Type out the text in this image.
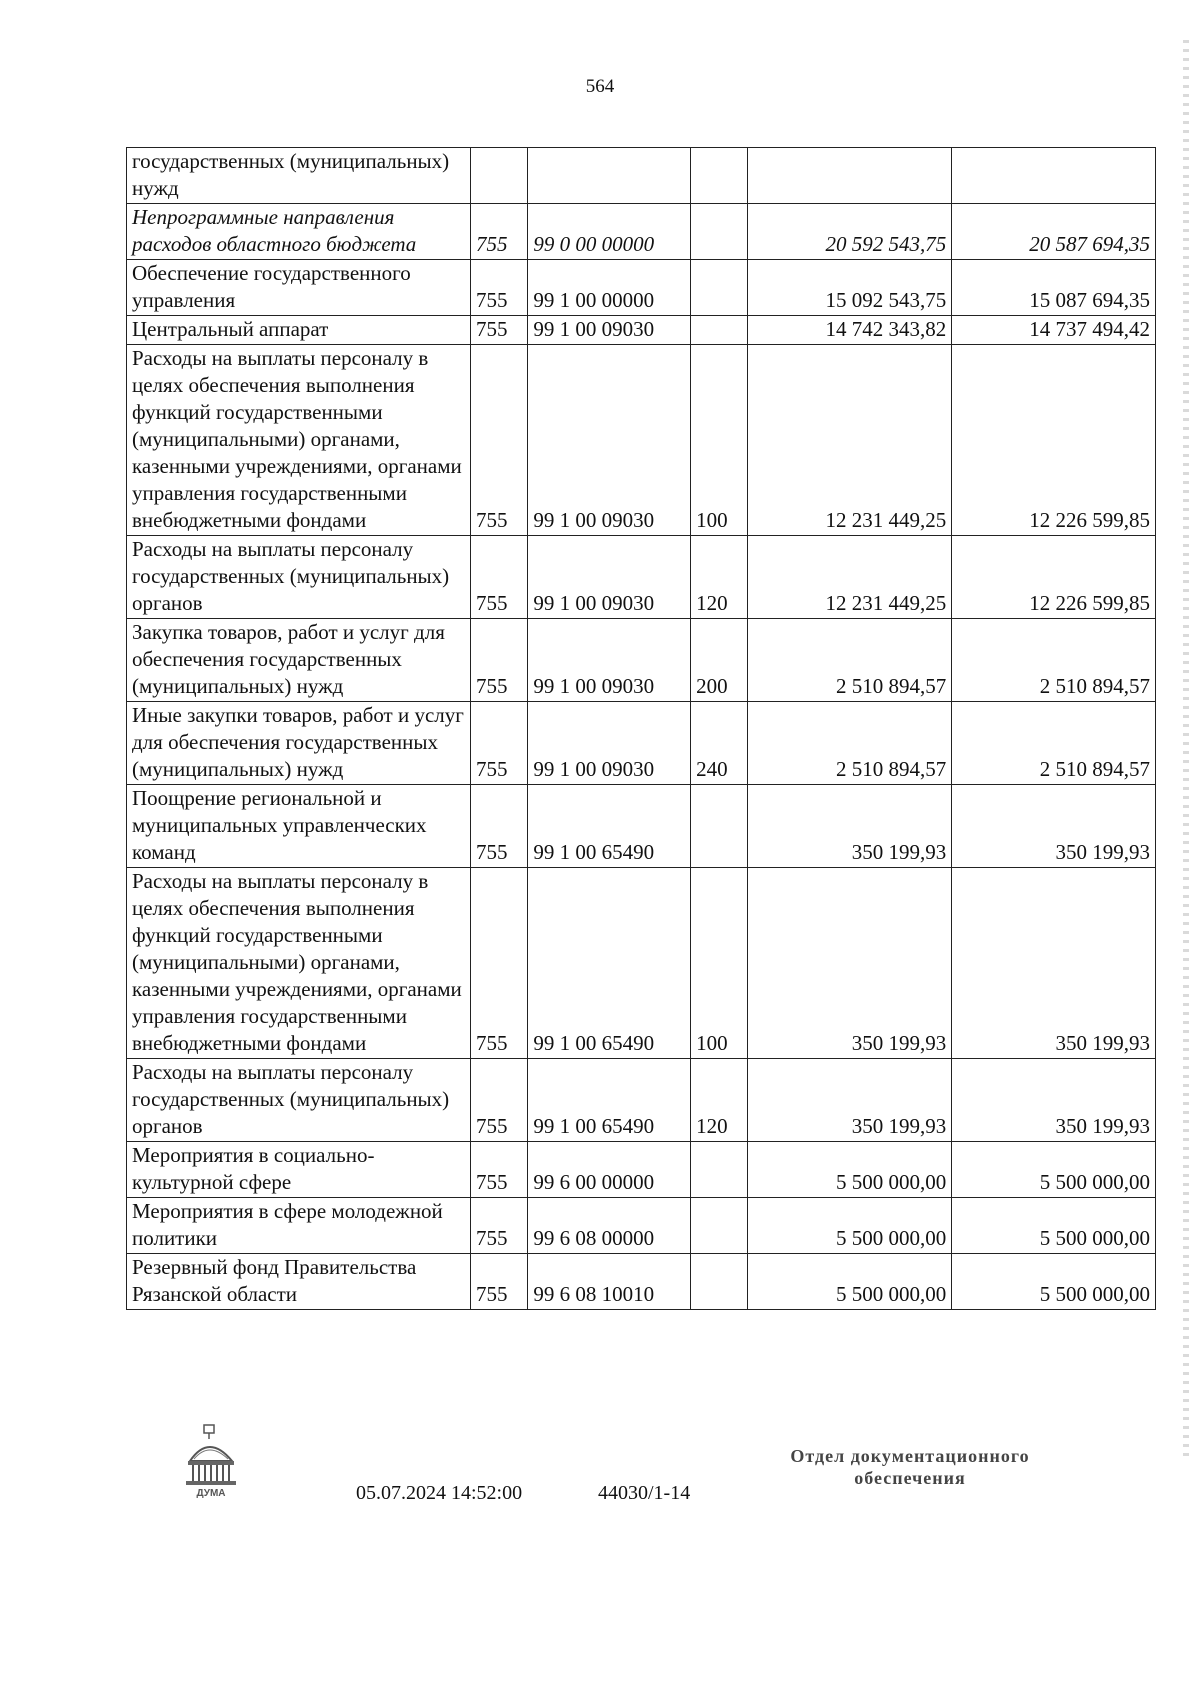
564
государственных (муниципальных) нужд					
Непрограммные направления расходов областного бюджета	755	99 0 00 00000		20 592 543,75	20 587 694,35
Обеспечение государственного управления	755	99 1 00 00000		15 092 543,75	15 087 694,35
Центральный аппарат	755	99 1 00 09030		14 742 343,82	14 737 494,42
Расходы на выплаты персоналу в целях обеспечения выполнения функций государственными (муниципальными) органами, казенными учреждениями, органами управления государственными внебюджетными фондами	755	99 1 00 09030	100	12 231 449,25	12 226 599,85
Расходы на выплаты персоналу государственных (муниципальных) органов	755	99 1 00 09030	120	12 231 449,25	12 226 599,85
Закупка товаров, работ и услуг для обеспечения государственных (муниципальных) нужд	755	99 1 00 09030	200	2 510 894,57	2 510 894,57
Иные закупки товаров, работ и услуг для обеспечения государственных (муниципальных) нужд	755	99 1 00 09030	240	2 510 894,57	2 510 894,57
Поощрение региональной и муниципальных управленческих команд	755	99 1 00 65490		350 199,93	350 199,93
Расходы на выплаты персоналу в целях обеспечения выполнения функций государственными (муниципальными) органами, казенными учреждениями, органами управления государственными внебюджетными фондами	755	99 1 00 65490	100	350 199,93	350 199,93
Расходы на выплаты персоналу государственных (муниципальных) органов	755	99 1 00 65490	120	350 199,93	350 199,93
Мероприятия в социально-культурной сфере	755	99 6 00 00000		5 500 000,00	5 500 000,00
Мероприятия в сфере молодежной политики	755	99 6 08 00000		5 500 000,00	5 500 000,00
Резервный фонд Правительства Рязанской области	755	99 6 08 10010		5 500 000,00	5 500 000,00
ДУМА	05.07.2024 14:52:00	44030/1-14
Отдел документационного
обеспечения
